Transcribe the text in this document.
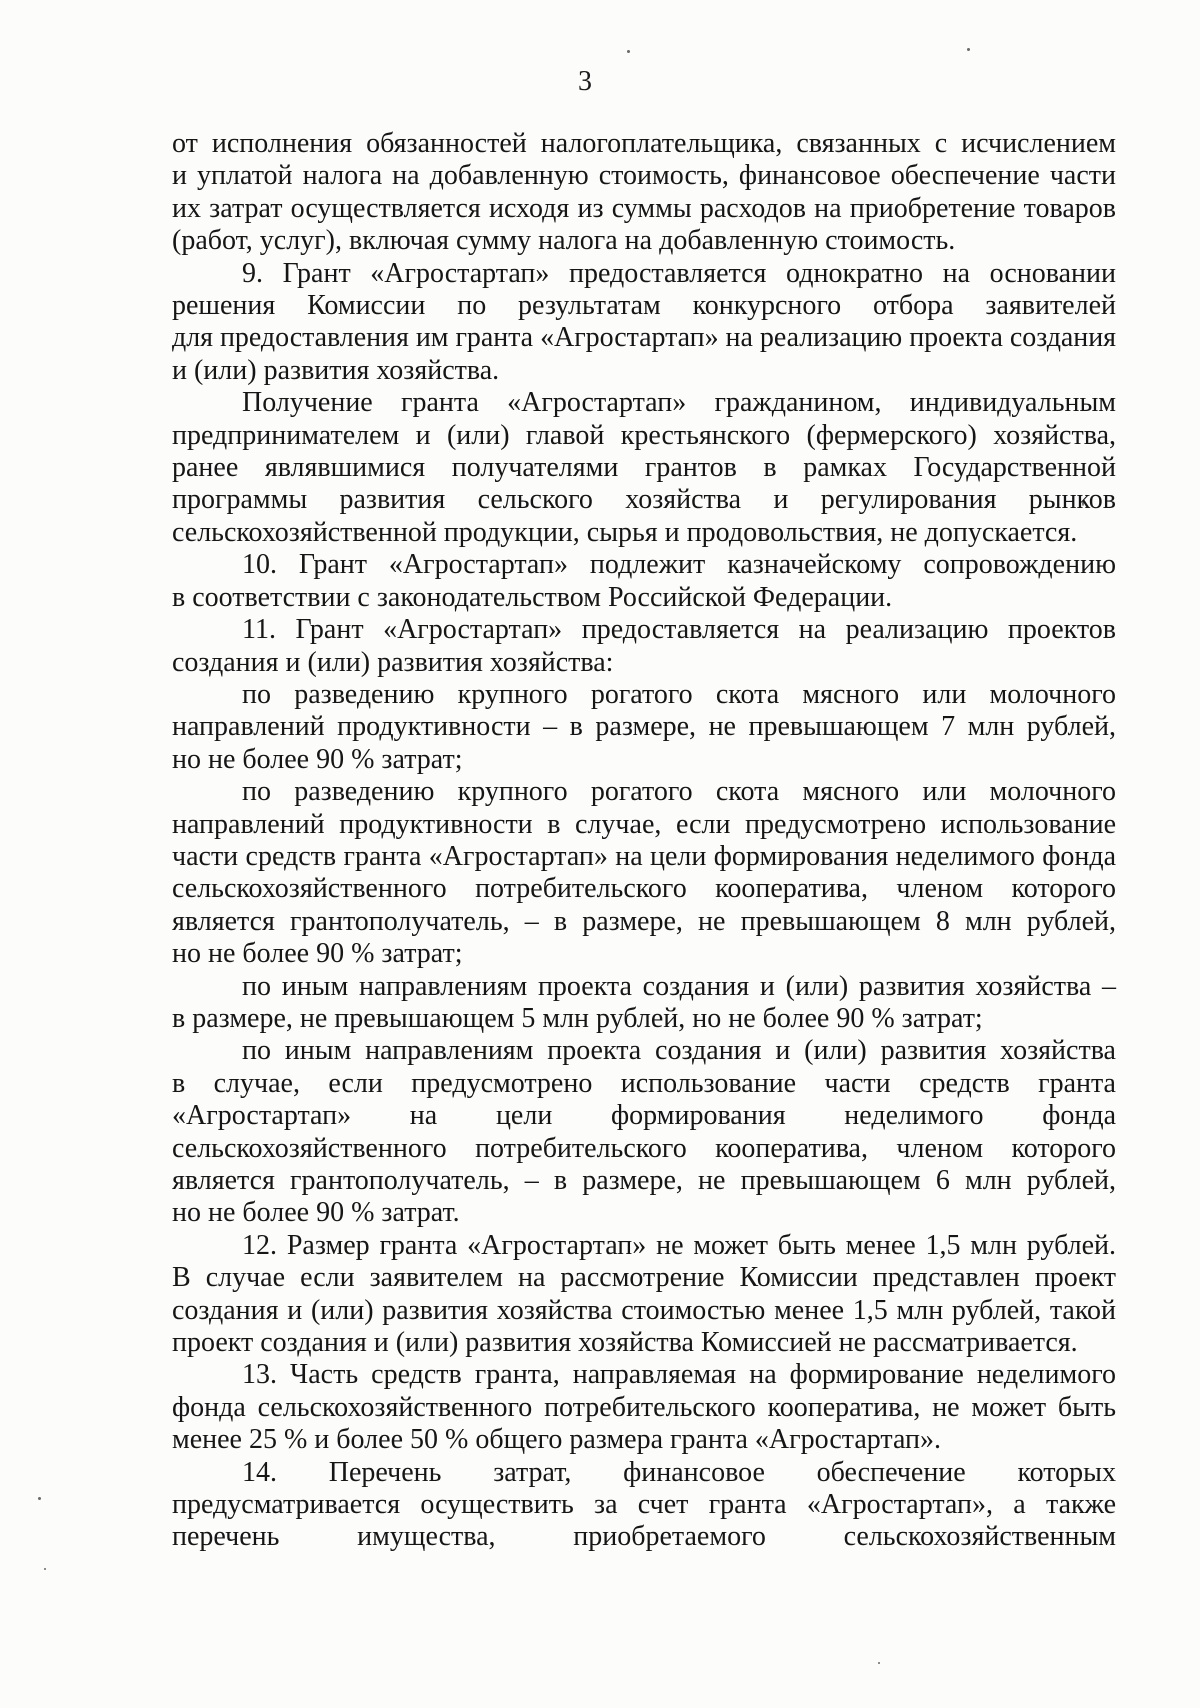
3
от исполнения обязанностей налогоплательщика, связанных с исчислением
и уплатой налога на добавленную стоимость, финансовое обеспечение части
их затрат осуществляется исходя из суммы расходов на приобретение товаров
(работ, услуг), включая сумму налога на добавленную стоимость.
9. Грант «Агростартап» предоставляется однократно на основании
решения Комиссии по результатам конкурсного отбора заявителей
для предоставления им гранта «Агростартап» на реализацию проекта создания
и (или) развития хозяйства.
Получение гранта «Агростартап» гражданином, индивидуальным
предпринимателем и (или) главой крестьянского (фермерского) хозяйства,
ранее являвшимися получателями грантов в рамках Государственной
программы развития сельского хозяйства и регулирования рынков
сельскохозяйственной продукции, сырья и продовольствия, не допускается.
10. Грант «Агростартап» подлежит казначейскому сопровождению
в соответствии с законодательством Российской Федерации.
11. Грант «Агростартап» предоставляется на реализацию проектов
создания и (или) развития хозяйства:
по разведению крупного рогатого скота мясного или молочного
направлений продуктивности – в размере, не превышающем 7 млн рублей,
но не более 90 % затрат;
по разведению крупного рогатого скота мясного или молочного
направлений продуктивности в случае, если предусмотрено использование
части средств гранта «Агростартап» на цели формирования неделимого фонда
сельскохозяйственного потребительского кооператива, членом которого
является грантополучатель, – в размере, не превышающем 8 млн рублей,
но не более 90 % затрат;
по иным направлениям проекта создания и (или) развития хозяйства –
в размере, не превышающем 5 млн рублей, но не более 90 % затрат;
по иным направлениям проекта создания и (или) развития хозяйства
в случае, если предусмотрено использование части средств гранта
«Агростартап» на цели формирования неделимого фонда
сельскохозяйственного потребительского кооператива, членом которого
является грантополучатель, – в размере, не превышающем 6 млн рублей,
но не более 90 % затрат.
12. Размер гранта «Агростартап» не может быть менее 1,5 млн рублей.
В случае если заявителем на рассмотрение Комиссии представлен проект
создания и (или) развития хозяйства стоимостью менее 1,5 млн рублей, такой
проект создания и (или) развития хозяйства Комиссией не рассматривается.
13. Часть средств гранта, направляемая на формирование неделимого
фонда сельскохозяйственного потребительского кооператива, не может быть
менее 25 % и более 50 % общего размера гранта «Агростартап».
14. Перечень затрат, финансовое обеспечение которых
предусматривается осуществить за счет гранта «Агростартап», а также
перечень имущества, приобретаемого сельскохозяйственным
